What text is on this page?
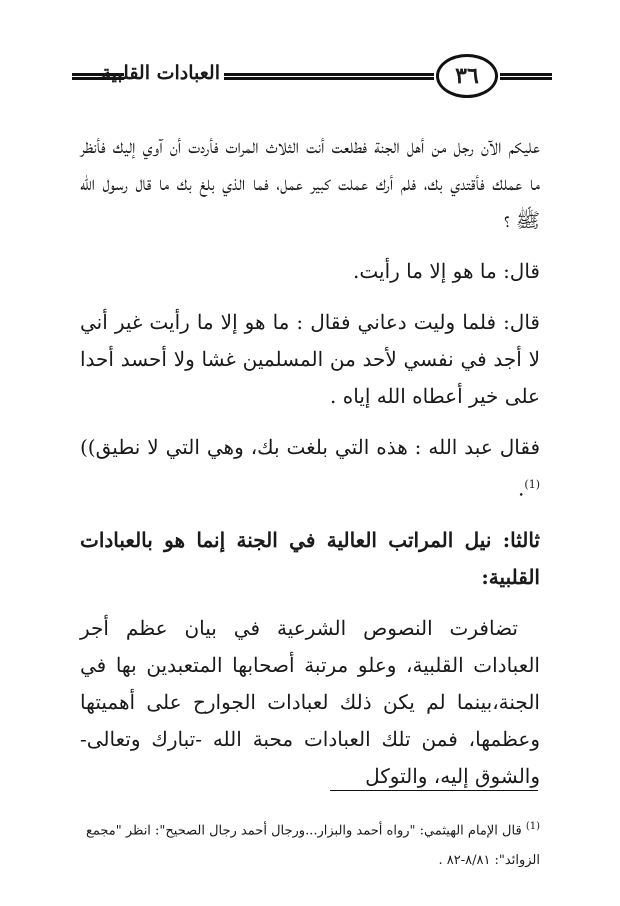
العبادات القلبية	٣٦

عليكم الآن رجل من أهل الجنة فطلعت أنت الثلاث المرات فأردت أن آوي إليك فأنظر ما عملك فأقتدي بك، فلم أرك عملت كبير عمل، فما الذي بلغ بك ما قال رسول الله ﷺ ؟

قال: ما هو إلا ما رأيت.

قال: فلما وليت دعاني فقال : ما هو إلا ما رأيت غير أني لا أجد في نفسي لأحد من المسلمين غشا ولا أحسد أحدا على خير أعطاه الله إياه .

فقال عبد الله : هذه التي بلغت بك، وهي التي لا نطيق)) $^{(1)}$.

ثالثا: نيل المراتب العالية في الجنة إنما هو بالعبادات القلبية:

تضافرت النصوص الشرعية في بيان عظم أجر العبادات القلبية، وعلو مرتبة أصحابها المتعبدين بها في الجنة،بينما لم يكن ذلك لعبادات الجوارح على أهميتها وعظمها، فمن تلك العبادات محبة الله -تبارك وتعالى- والشوق إليه، والتوكل

$^{(1)}$ قال الإمام الهيثمي: "رواه أحمد والبزار...ورجال أحمد رجال الصحيح": انظر "مجمع الزوائد": ٨/٨١-٨٢ .
